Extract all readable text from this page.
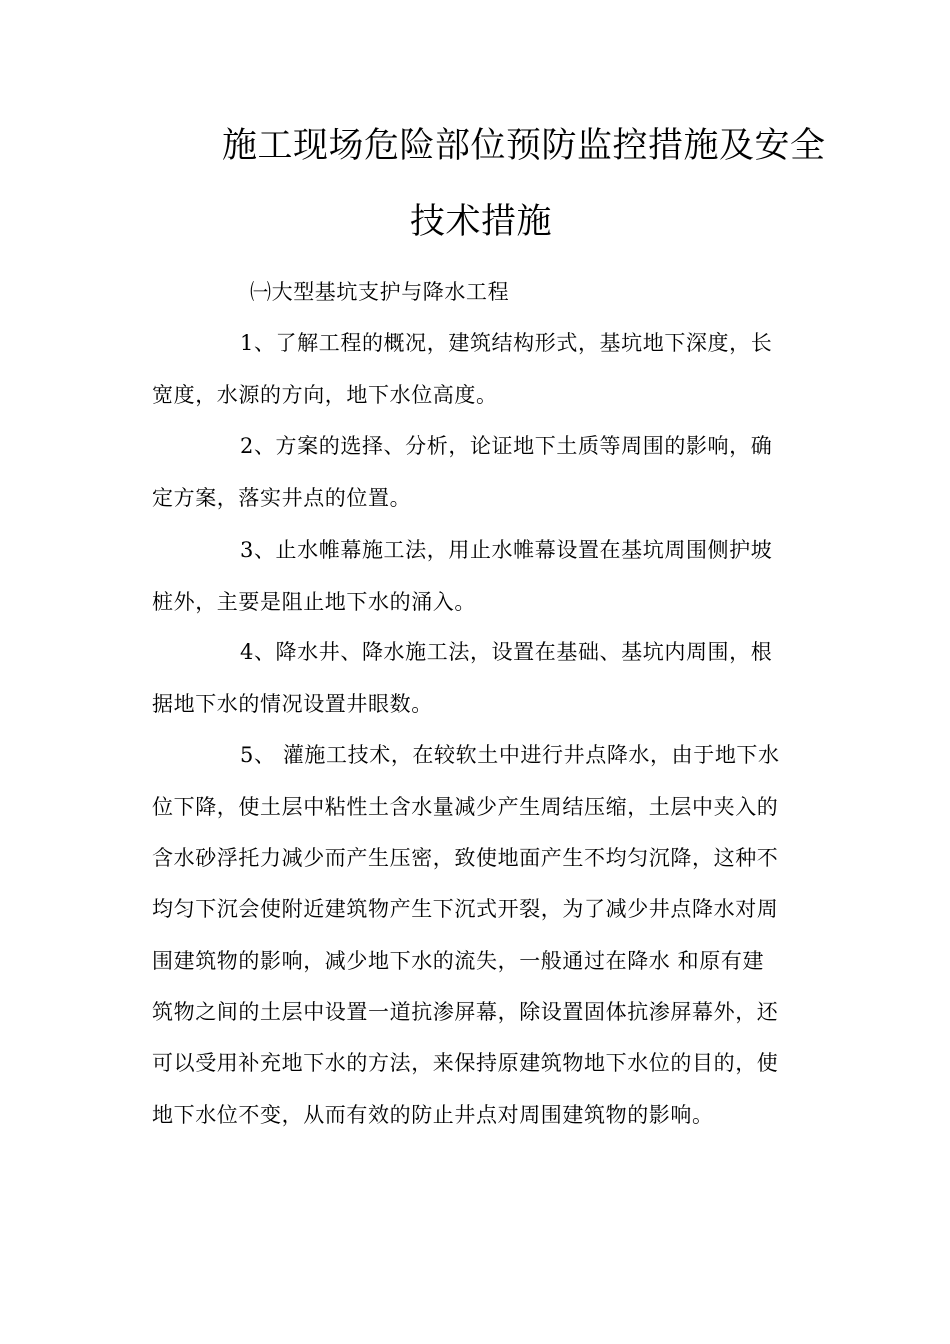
施工现场危险部位预防监控措施及安全
技术措施
㈠大型基坑支护与降水工程
1、了解工程的概况，建筑结构形式，基坑地下深度，长
宽度，水源的方向，地下水位高度。
2、方案的选择、分析，论证地下土质等周围的影响，确
定方案，落实井点的位置。
3、止水帷幕施工法，用止水帷幕设置在基坑周围侧护坡
桩外，主要是阻止地下水的涌入。
4、降水井、降水施工法，设置在基础、基坑内周围，根
据地下水的情况设置井眼数。
5、 灌施工技术，在较软土中进行井点降水，由于地下水
位下降，使土层中粘性土含水量减少产生周结压缩，土层中夹入的
含水砂浮托力减少而产生压密，致使地面产生不均匀沉降，这种不
均匀下沉会使附近建筑物产生下沉式开裂，为了减少井点降水对周
围建筑物的影响，减少地下水的流失，一般通过在降水 和原有建
筑物之间的土层中设置一道抗渗屏幕，除设置固体抗渗屏幕外，还
可以受用补充地下水的方法，来保持原建筑物地下水位的目的，使
地下水位不变，从而有效的防止井点对周围建筑物的影响。
